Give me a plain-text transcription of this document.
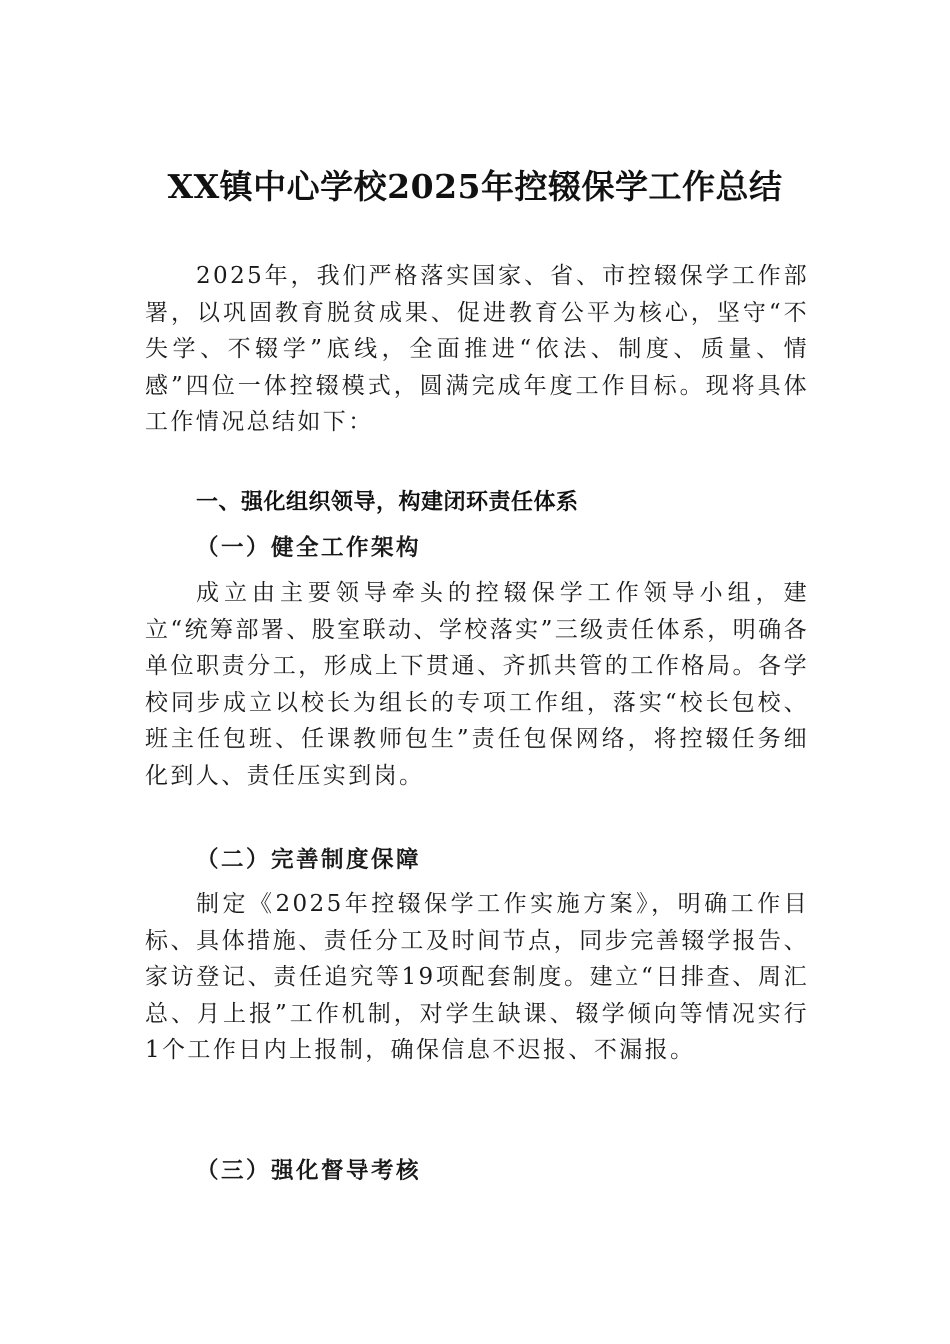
XX镇中心学校2025年控辍保学工作总结

2025年，我们严格落实国家、省、市控辍保学工作部署，以巩固教育脱贫成果、促进教育公平为核心，坚守“不失学、不辍学”底线，全面推进“依法、制度、质量、情感”四位一体控辍模式，圆满完成年度工作目标。现将具体工作情况总结如下：

一、强化组织领导，构建闭环责任体系
（一）健全工作架构

成立由主要领导牵头的控辍保学工作领导小组，建立“统筹部署、股室联动、学校落实”三级责任体系，明确各单位职责分工，形成上下贯通、齐抓共管的工作格局。各学校同步成立以校长为组长的专项工作组，落实“校长包校、班主任包班、任课教师包生”责任包保网络，将控辍任务细化到人、责任压实到岗。

（二）完善制度保障

制定《2025年控辍保学工作实施方案》，明确工作目标、具体措施、责任分工及时间节点，同步完善辍学报告、家访登记、责任追究等19项配套制度。建立“日排查、周汇总、月上报”工作机制，对学生缺课、辍学倾向等情况实行1个工作日内上报制，确保信息不迟报、不漏报。

（三）强化督导考核
